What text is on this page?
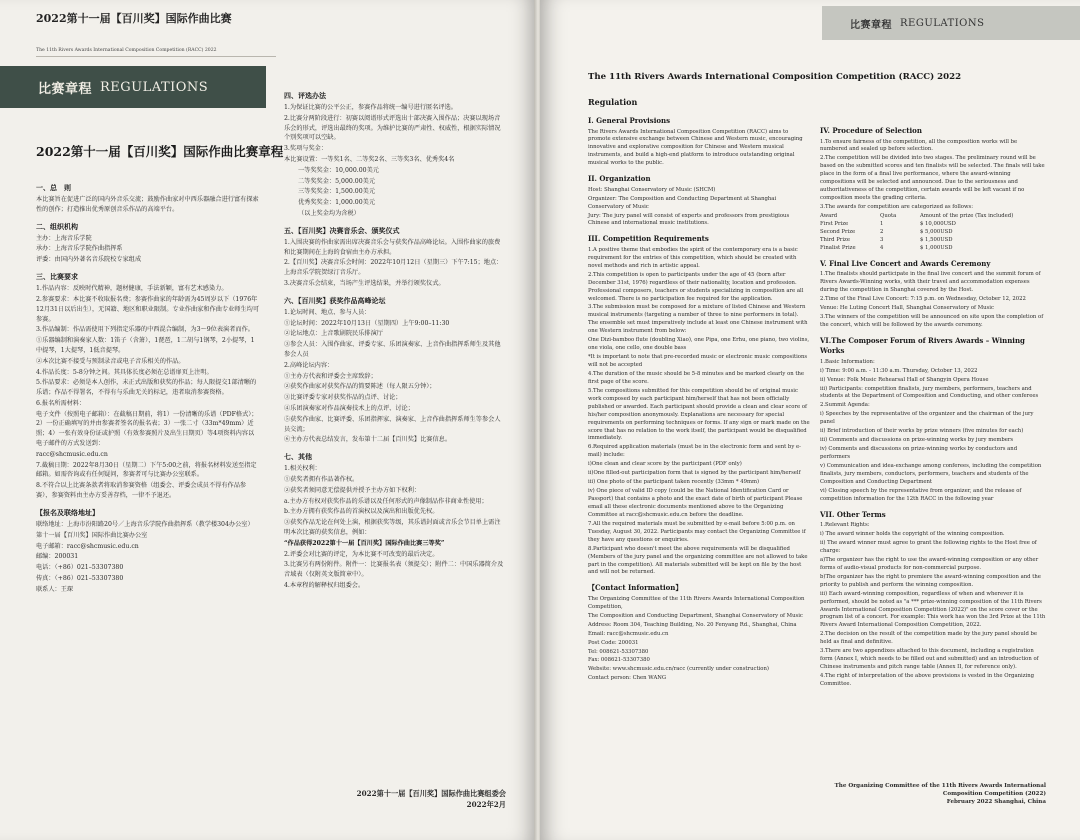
2022第十一届【百川奖】国际作曲比赛
The 11th Rivers Awards International Composition Competition (RACC) 2022
比赛章程 REGULATIONS
2022第十一届【百川奖】国际作曲比赛章程
一、总　则

本比赛旨在促进广泛的国内外音乐交流；鼓励作曲家对中西乐器融合进行富有探索性的创作；打造推出优秀原创音乐作品的高端平台。

二、组织机构

主办：上海音乐学院

承办：上海音乐学院作曲指挥系

评委：由国内外著名音乐院校专家组成

三、比赛要求

1.作品内容：反映时代精神，题材健康，手法新颖，富有艺术感染力。

2.参赛要求：本比赛不收取报名费；参赛作曲家的年龄需为45周岁以下（1976年12月31日以后出生），无国籍、地区和职业限制。专业作曲家和作曲专业师生均可参赛。

3.作品编制：作品需使用下列指定乐器的中西混合编制，为3～9位表演者而作。

①乐器编制和演奏家人数：1笛子（含箫），1琵琶，1二胡与1钢琴，2小提琴，1中提琴，1大提琴，1低音提琴。

②本次比赛不接受与预制录音或电子音乐相关的作品。

4.作品长度：5-8分钟之间。其具体长度必须在总谱扉页上注明。

5.作品要求：必须是本人创作，未正式出版和获奖的作品；每人限提交1部清晰的乐谱；作品不得署名，不得有与乐曲无关的标记，违者取消参赛资格。

6.报名所需材料：

电子文件（按照电子邮箱）：在截稿日期前，将1）一份清晰的乐谱（PDF格式）；2）一份正确填写的并由参赛者签名的报名表；3）一张二寸（33m*49mm）近照；4）一张有效身份证或护照（有效参赛照片及出生日期页）等4项资料内容以电子邮件的方式发送到：

racc@shcmusic.edu.cn

7.截稿日期：2022年8月30日（星期二）下午5:00之前，将报名材料发送至指定邮箱。如需咨询或有任何疑问，参赛者可与比赛办公室联系。

8.不符合以上比赛条款者将取消参赛资格（组委会、评委会成员不得有作品参赛），参赛资料由主办方妥善存档，一律不予退还。

【报名及联络地址】

联络地址：上海市汾阳路20号／上海音乐学院作曲指挥系（教学楼304办公室）

第十一届【百川奖】国际作曲比赛办公室

电子邮箱：racc@shcmusic.edu.cn

邮编：200031

电话：（+86）021–53307380

传真：（+86）021–53307380

联系人：王琛

四、评选办法

1.为保证比赛的公平公正，参赛作品将统一编号进行匿名评选。

2.比赛分两阶段进行：初赛以阅谱形式评选出十部决赛入围作品；决赛以现场音乐会的形式，评选出最终的奖项。为维护比赛的严肃性、权威性，根据实际情况个别奖项可以空缺。

3.奖项与奖金：

本比赛设置：一等奖1名、二等奖2名、三等奖3名、优秀奖4名

一等奖奖金：10,000.00美元

二等奖奖金：5,000.00美元

三等奖奖金：1,500.00美元

优秀奖奖金：1,000.00美元

（以上奖金均为含税）

五、【百川奖】决赛音乐会、颁奖仪式

1.入围决赛的作曲家需出席决赛音乐会与获奖作品高峰论坛。入围作曲家的旅费和比赛期间在上海的食宿由主办方承担。

2.【百川奖】决赛音乐会时间：2022年10月12日（星期三）下午7:15；地点：上海音乐学院贺绿汀音乐厅。

3.决赛音乐会结束，当场产生评选结果，并举行颁奖仪式。

六、【百川奖】获奖作品高峰论坛

1.论坛时间、地点、参与人员：

①论坛时间：2022年10月13日（星期四）上午9:00–11:30

②论坛地点：上音歌剧院民乐排演厅

③参会人员：入围作曲家、评委专家、乐团演奏家、上音作曲指挥系师生及其他参会人员

2.高峰论坛内容：

①主办方代表和评委会主席致辞；

②获奖作曲家对获奖作品的简要陈述（每人限五分钟）；

③比赛评委专家对获奖作品的点评、讨论；

④乐团演奏家对作品演奏技术上的点评、讨论；

⑤获奖作曲家、比赛评委、乐团指挥家、演奏家、上音作曲指挥系师生等参会人员交流；

⑥主办方代表总结发言，发布第十二届【百川奖】比赛信息。

七、其他

1.相关权利：

①获奖者拥有作品著作权。

②获奖者须同意无偿提供并授予主办方如下权利：

a.主办方有权对获奖作品的乐谱以及任何形式的声像制品作非商业性使用；

b.主办方拥有获奖作品的首演权以及演出和出版优先权。

③获奖作品无论在何处上演，根据获奖等级，其乐谱封面或音乐会节目单上需注明本次比赛的获奖信息，例如：

“作品获得2022第十一届【百川奖】国际作曲比赛三等奖”

2.评委会对比赛的评定，为本比赛不可改变的最后决定。

3.比赛另有两份附件。附件一：比赛报名表（须提交）；附件二：中国乐器简介及音域表（仅附英文版简章中）。

4.本章程的解释权归组委会。

2022第十一届【百川奖】国际作曲比赛组委会
2022年2月
比赛章程 REGULATIONS
The 11th Rivers Awards International Composition Competition (RACC) 2022
Regulation
I. General Provisions

The Rivers Awards International Composition Competition (RACC) aims to promote extensive exchange between Chinese and Western music, encouraging innovative and explorative composition for Chinese and Western musical instruments, and build a high-end platform to introduce outstanding original musical works to the public.

II. Organization

Host: Shanghai Conservatory of Music (SHCM)

Organizer: The Composition and Conducting Department at Shanghai Conservatory of Music

Jury: The jury panel will consist of experts and professors from prestigious Chinese and international music institutions.

III. Competition Requirements

1.A positive theme that embodies the spirit of the contemporary era is a basic requirement for the entries of this competition, which should be created with novel methods and rich in artistic appeal.

2.This competition is open to participants under the age of 45 (born after December 31st, 1976) regardless of their nationality, location and profession. Professional composers, teachers or students specializing in composition are all welcomed. There is no participation fee required for the application.

3.The submission must be composed for a mixture of listed Chinese and Western musical instruments (targeting a number of three to nine performers in total). The ensemble set must imperatively include at least one Chinese instrument with one Western instrument from below:

One Dizi-bamboo flute (doubling Xiao), one Pipa, one Erhu, one piano, two violins, one viola, one cello, one double bass

*It is important to note that pre-recorded music or electronic music compositions will not be accepted

4.The duration of the music should be 5-8 minutes and be marked clearly on the first page of the score.

5.The compositions submitted for this competition should be of original music work composed by each participant him/herself that has not been officially published or awarded. Each participant should provide a clean and clear score of his/her composition anonymously. Explanations are necessary for special requirements on performing techniques or forms. If any sign or mark made on the score that has no relation to the work itself, the participant would be disqualified immediately.

6.Required application materials (must be in the electronic form and sent by e-mail) include:

i)One clean and clear score by the participant (PDF only)

ii)One filled-out participation form that is signed by the participant him/herself

iii) One photo of the participant taken recently (33mm * 49mm)

iv) One piece of valid ID copy (could be the National Identification Card or Passport) that contains a photo and the exact date of birth of participant Please email all these electronic documents mentioned above to the Organizing Committee at racc@shcmusic.edu.cn before the deadline.

7.All the required materials must be submitted by e-mail before 5:00 p.m. on Tuesday, August 30, 2022. Participants may contact the Organizing Committee if they have any questions or enquiries.

8.Participant who doesn't meet the above requirements will be disqualified (Members of the jury panel and the organizing committee are not allowed to take part in the competition). All materials submitted will be kept on file by the host and will not be returned.

【Contact Information】

The Organizing Committee of the 11th Rivers Awards International Composition Competition,

The Composition and Conducting Department, Shanghai Conservatory of Music

Address: Room 304, Teaching Building, No. 20 Fenyang Rd., Shanghai, China

Email: racc@shcmusic.edu.cn

Post Code: 200031

Tel: 008621-53307380

Fax: 008621-53307380

Website: www.shcmusic.edu.cn/racc (currently under construction)

Contact person: Chen WANG

IV. Procedure of Selection

1.To ensure fairness of the competition, all the composition works will be numbered and sealed up before selection.

2.The competition will be divided into two stages. The preliminary round will be based on the submitted scores and ten finalists will be selected. The finals will take place in the form of a final live performance, where the award-winning compositions will be selected and announced. Due to the seriousness and authoritativeness of the competition, certain awards will be left vacant if no composition meets the grading criteria.

3.The awards for competition are categorized as follows:

Award	Quota	Amount of the prize (Tax included)
First Prize	1	$ 10,000USD
Second Prize	2	$ 5,000USD
Third Prize	3	$ 1,500USD
Finalist Prize	4	$ 1,000USD
V. Final Live Concert and Awards Ceremony

1.The finalists should participate in the final live concert and the summit forum of Rivers Awards-Winning works, with their travel and accommodation expenses during the competition in Shanghai covered by the Host.

2.Time of the Final Live Concert: 7:15 p.m. on Wednesday, October 12, 2022

Venue: He Luting Concert Hall, Shanghai Conservatory of Music

3.The winners of the competition will be announced on site upon the completion of the concert, which will be followed by the awards ceremony.

VI.The Composer Forum of Rivers Awards – Winning Works

1.Basic Information:

i) Time: 9:00 a.m. - 11:30 a.m. Thursday, October 13, 2022

ii) Venue: Folk Music Rehearsal Hall of Shangyin Opera House

iii) Participants: competition finalists, jury members, performers, teachers and students at the Department of Composition and Conducting, and other conferees

2.Summit Agenda:

i) Speeches by the representative of the organizer and the chairman of the jury panel

ii) Brief introduction of their works by prize winners (five minutes for each)

iii) Comments and discussions on prize-winning works by jury members

iv) Comments and discussions on prize-winning works by conductors and performers

v) Communication and idea-exchange among conferees, including the competition finalists, jury members, conductors, performers, teachers and students of the Composition and Conducting Department

vi) Closing speech by the representative from organizer, and the release of competition information for the 12th RACC in the following year

VII. Other Terms

1.Relevant Rights:

i) The award winner holds the copyright of the winning composition.

ii) The award winner must agree to grant the following rights to the Host free of charge:

a)The organizer has the right to use the award-winning composition or any other forms of audio-visual products for non-commercial purpose.

b)The organizer has the right to premiere the award-winning composition and the priority to publish and perform the winning composition.

iii) Each award-winning composition, regardless of when and wherever it is performed, should be noted as "a *** prize-winning composition of the 11th Rivers Awards International Composition Competition (2022)" on the score cover or the program list of a concert. For example: This work has won the 3rd Prize at the 11th Rivers Award International Composition Competition, 2022.

2.The decision on the result of the competition made by the jury panel should be held as final and definitive.

3.There are two appendixes attached to this document, including a registration form (Annex I, which needs to be filled out and submitted) and an introduction of Chinese instruments and pitch range table (Annex II, for reference only).

4.The right of interpretation of the above provisions is vested in the Organizing Committee.

The Organizing Committee of the 11th Rivers Awards International Composition Competition (2022)
February 2022 Shanghai, China
